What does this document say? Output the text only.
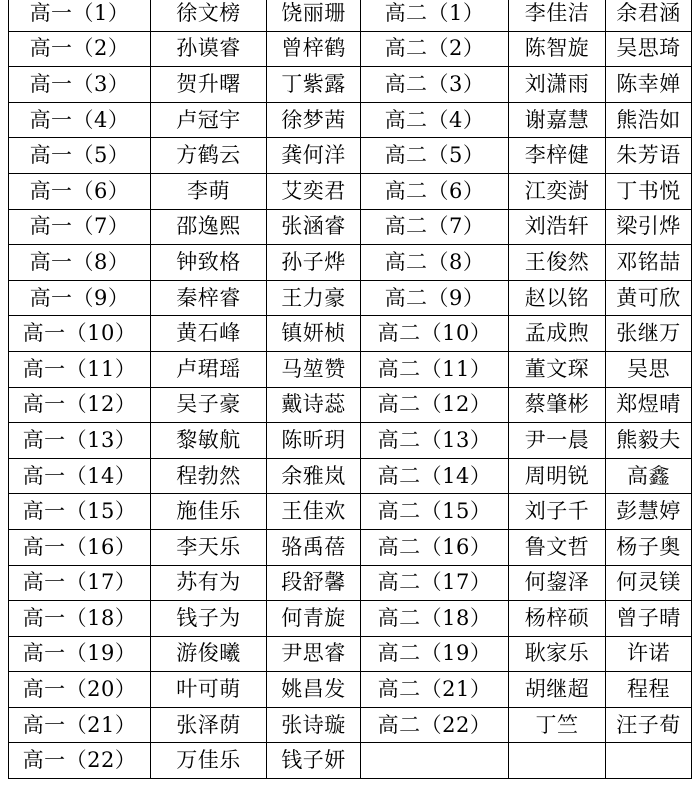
高一（1）	徐文榜	饶丽珊	高二（1）	李佳洁	余君涵
高一（2）	孙谟睿	曾梓鹤	高二（2）	陈智旋	吴思琦
高一（3）	贺升曙	丁紫露	高二（3）	刘潇雨	陈幸婵
高一（4）	卢冠宇	徐梦茜	高二（4）	谢嘉慧	熊浩如
高一（5）	方鹤云	龚何洋	高二（5）	李梓健	朱芳语
高一（6）	李萌	艾奕君	高二（6）	江奕澍	丁书悦
高一（7）	邵逸熙	张涵睿	高二（7）	刘浩轩	梁引烨
高一（8）	钟致格	孙子烨	高二（8）	王俊然	邓铭喆
高一（9）	秦梓睿	王力豪	高二（9）	赵以铭	黄可欣
高一（10）	黄石峰	镇妍桢	高二（10）	孟成煦	张继万
高一（11）	卢珺瑶	马堃赞	高二（11）	董文琛	吴思
高一（12）	吴子豪	戴诗蕊	高二（12）	蔡肇彬	郑煜晴
高一（13）	黎敏航	陈昕玥	高二（13）	尹一晨	熊毅夫
高一（14）	程勃然	余雅岚	高二（14）	周明锐	高鑫
高一（15）	施佳乐	王佳欢	高二（15）	刘子千	彭慧婷
高一（16）	李天乐	骆禹蓓	高二（16）	鲁文哲	杨子奥
高一（17）	苏有为	段舒馨	高二（17）	何鋆泽	何灵镁
高一（18）	钱子为	何青旋	高二（18）	杨梓硕	曾子晴
高一（19）	游俊曦	尹思睿	高二（19）	耿家乐	许诺
高一（20）	叶可萌	姚昌发	高二（21）	胡继超	程程
高一（21）	张泽荫	张诗璇	高二（22）	丁竺	汪子荀
高一（22）	万佳乐	钱子妍			
